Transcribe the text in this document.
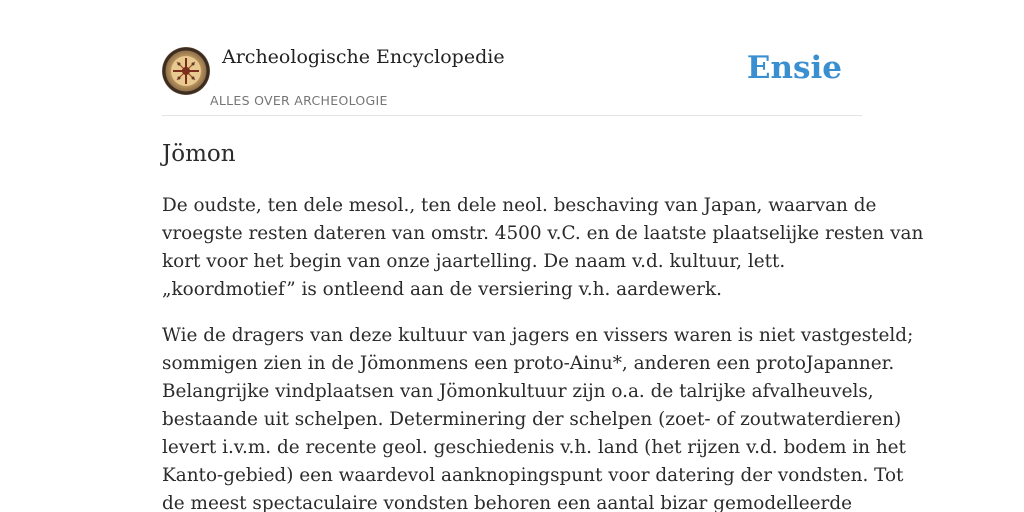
Archeologische Encyclopedie
ALLES OVER ARCHEOLOGIE
Ensie
Jömon

De oudste, ten dele mesol., ten dele neol. beschaving van Japan, waarvan de
vroegste resten dateren van omstr. 4500 v.C. en de laatste plaatselijke resten van
kort voor het begin van onze jaartelling. De naam v.d. kultuur, lett.
„koordmotief” is ontleend aan de versiering v.h. aardewerk.

Wie de dragers van deze kultuur van jagers en vissers waren is niet vastgesteld;
sommigen zien in de Jömonmens een proto-Ainu*, anderen een protoJapanner.
Belangrijke vindplaatsen van Jömonkultuur zijn o.a. de talrijke afvalheuvels,
bestaande uit schelpen. Determinering der schelpen (zoet- of zoutwaterdieren)
levert i.v.m. de recente geol. geschiedenis v.h. land (het rijzen v.d. bodem in het
Kanto-gebied) een waardevol aanknopingspunt voor datering der vondsten. Tot
de meest spectaculaire vondsten behoren een aantal bizar gemodelleerde
